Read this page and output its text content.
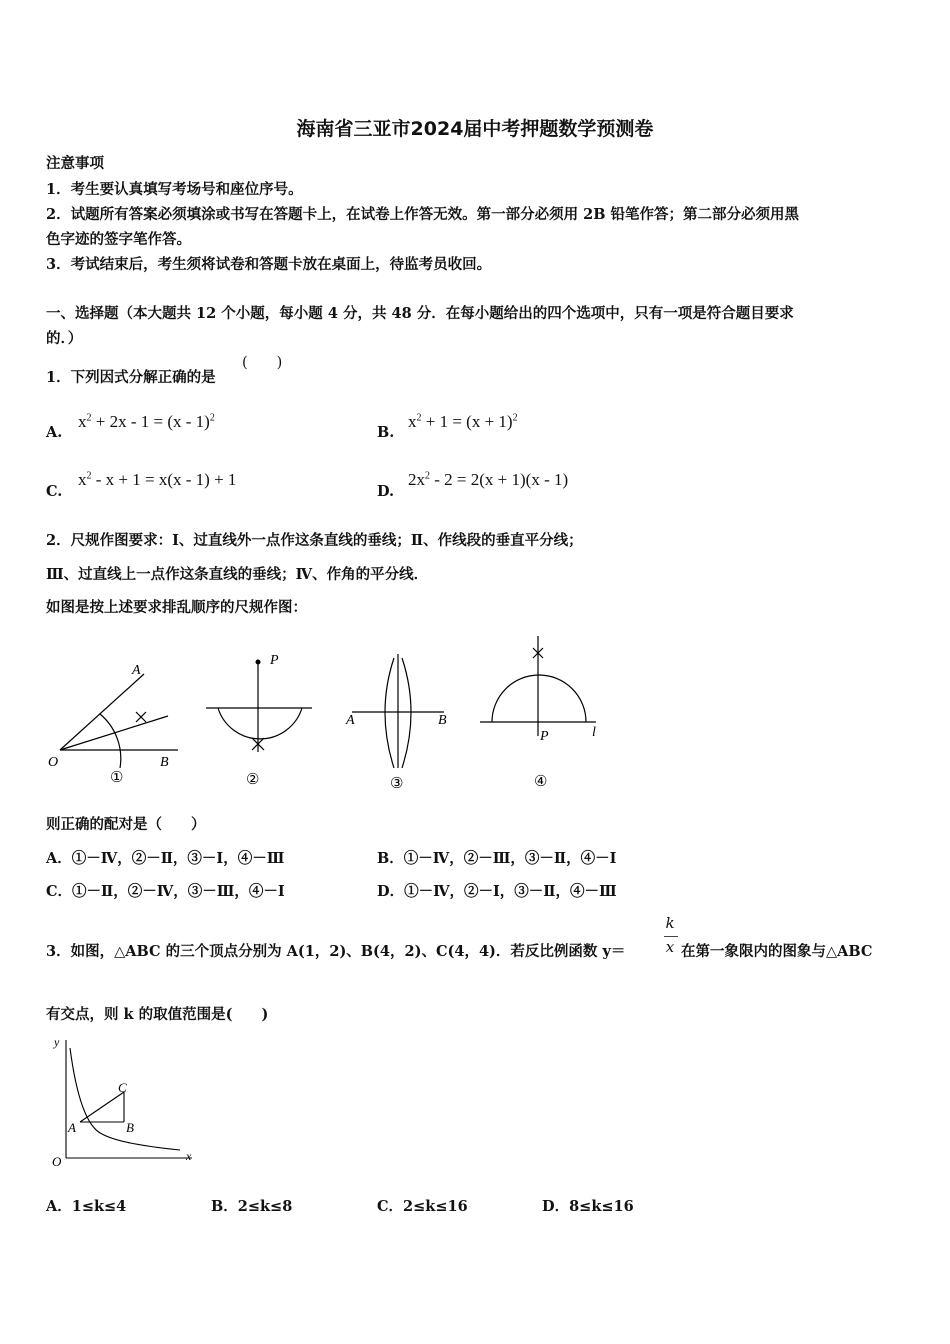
海南省三亚市2024届中考押题数学预测卷
注意事项
1．考生要认真填写考场号和座位序号。
2．试题所有答案必须填涂或书写在答题卡上，在试卷上作答无效。第一部分必须用 2B 铅笔作答；第二部分必须用黑
色字迹的签字笔作答。
3．考试结束后，考生须将试卷和答题卡放在桌面上，待监考员收回。
一、选择题（本大题共 12 个小题，每小题 4 分，共 48 分．在每小题给出的四个选项中，只有一项是符合题目要求
的．）
1．下列因式分解正确的是
(　　)
A.
$x^2 + 2x - 1 = (x - 1)^2$
B.
$x^2 + 1 = (x + 1)^2$
C.
$x^2 - x + 1 = x(x - 1) + 1$
D.
$2x^2 - 2 = 2(x + 1)(x - 1)$
2．尺规作图要求：Ⅰ、过直线外一点作这条直线的垂线；Ⅱ、作线段的垂直平分线；
Ⅲ、过直线上一点作这条直线的垂线；Ⅳ、作角的平分线．
如图是按上述要求排乱顺序的尺规作图：
O
A
B
①
P
②
A	B
③
P	l
④
则正确的配对是（　　）
A．①－Ⅳ，②－Ⅱ，③－Ⅰ，④－Ⅲ	B．①－Ⅳ，②－Ⅲ，③－Ⅱ，④－Ⅰ
C．①－Ⅱ，②－Ⅳ，③－Ⅲ，④－Ⅰ	D．①－Ⅳ，②－Ⅰ，③－Ⅱ，④－Ⅲ
3．如图，△ABC 的三个顶点分别为 A(1，2)、B(4，2)、C(4，4)．若反比例函数 y＝
k
x 在第一象限内的图象与△ABC
有交点，则 k 的取值范围是(　　)
y
x
O
A	B
C
A．1≤k≤4	B．2≤k≤8	C．2≤k≤16	D．8≤k≤16
